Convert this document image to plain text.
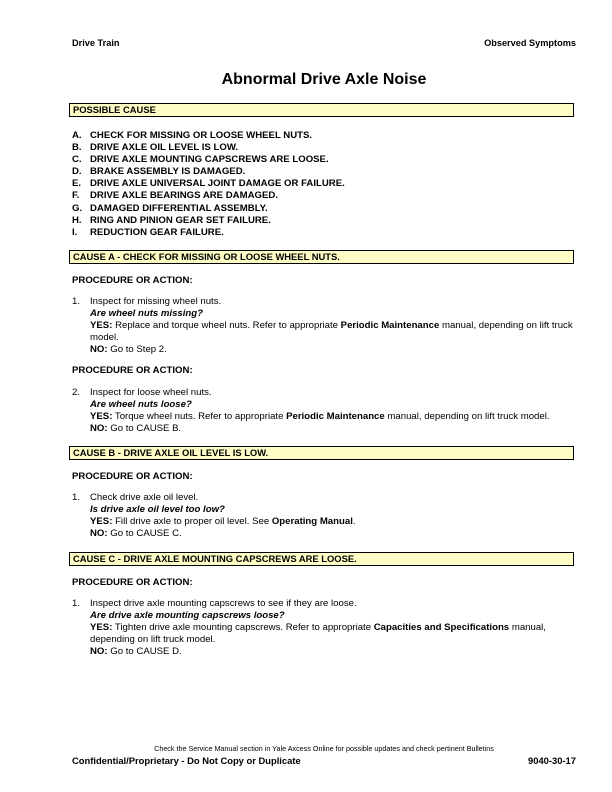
Drive Train	Observed Symptoms
Abnormal Drive Axle Noise
POSSIBLE CAUSE
A. CHECK FOR MISSING OR LOOSE WHEEL NUTS.
B. DRIVE AXLE OIL LEVEL IS LOW.
C. DRIVE AXLE MOUNTING CAPSCREWS ARE LOOSE.
D. BRAKE ASSEMBLY IS DAMAGED.
E. DRIVE AXLE UNIVERSAL JOINT DAMAGE OR FAILURE.
F. DRIVE AXLE BEARINGS ARE DAMAGED.
G. DAMAGED DIFFERENTIAL ASSEMBLY.
H. RING AND PINION GEAR SET FAILURE.
I. REDUCTION GEAR FAILURE.
CAUSE A - CHECK FOR MISSING OR LOOSE WHEEL NUTS.
PROCEDURE OR ACTION:
1. Inspect for missing wheel nuts.
Are wheel nuts missing?
YES: Replace and torque wheel nuts. Refer to appropriate Periodic Maintenance manual, depending on lift truck model.
NO: Go to Step 2.
PROCEDURE OR ACTION:
2. Inspect for loose wheel nuts.
Are wheel nuts loose?
YES: Torque wheel nuts. Refer to appropriate Periodic Maintenance manual, depending on lift truck model.
NO: Go to CAUSE B.
CAUSE B - DRIVE AXLE OIL LEVEL IS LOW.
PROCEDURE OR ACTION:
1. Check drive axle oil level.
Is drive axle oil level too low?
YES: Fill drive axle to proper oil level. See Operating Manual.
NO: Go to CAUSE C.
CAUSE C - DRIVE AXLE MOUNTING CAPSCREWS ARE LOOSE.
PROCEDURE OR ACTION:
1. Inspect drive axle mounting capscrews to see if they are loose.
Are drive axle mounting capscrews loose?
YES: Tighten drive axle mounting capscrews. Refer to appropriate Capacities and Specifications manual, depending on lift truck model.
NO: Go to CAUSE D.
Check the Service Manual section in Yale Axcess Online for possible updates and check pertinent Bulletins
Confidential/Proprietary - Do Not Copy or Duplicate	9040-30-17
